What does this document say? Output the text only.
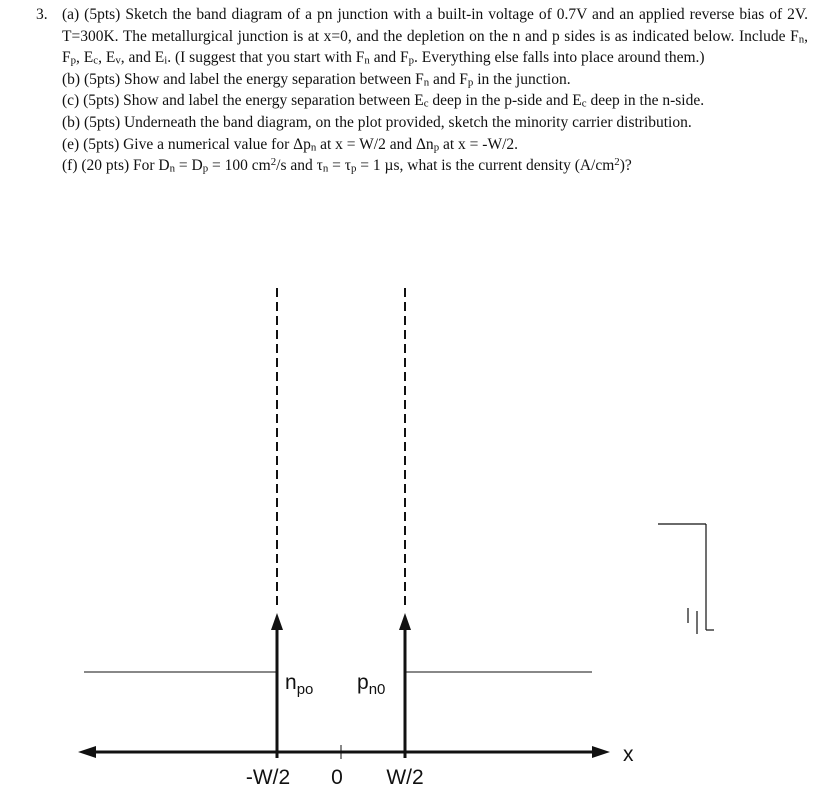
3. (a) (5pts) Sketch the band diagram of a pn junction with a built-in voltage of 0.7V and an applied reverse bias of 2V. T=300K. The metallurgical junction is at x=0, and the depletion on the n and p sides is as indicated below. Include $F_n$, $F_p$, $E_c$, $E_v$, and $E_i$. (I suggest that you start with $F_n$ and $F_p$. Everything else falls into place around them.)

(b) (5pts) Show and label the energy separation between $F_n$ and $F_p$ in the junction.
(c) (5pts) Show and label the energy separation between $E_c$ deep in the p-side and $E_c$ deep in the n-side.
(b) (5pts) Underneath the band diagram, on the plot provided, sketch the minority carrier distribution.
(e) (5pts) Give a numerical value for $\Delta p_n$ at x = W/2 and $\Delta n_p$ at x = -W/2.
(f) (20 pts) For $D_n = D_p = 100$ $cm^2/s$ and $\tau_n = \tau_p = 1$ µs, what is the current density $(A/cm^2)$?
$n_{po}$ $p_{n0}$
-W/2 0 W/2
x
